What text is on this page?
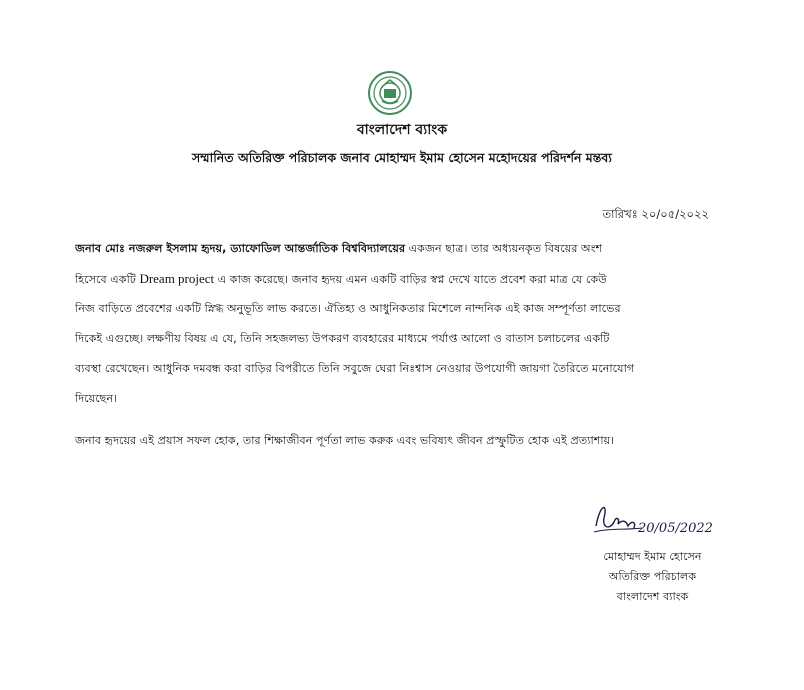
বাংলাদেশ ব্যাংক
সম্মানিত অতিরিক্ত পরিচালক জনাব মোহাম্মদ ইমাম হোসেন মহোদয়ের পরিদর্শন মন্তব্য
তারিখঃ ২০/০৫/২০২২
জনাব মোঃ নজরুল ইসলাম হৃদয়, ড্যাফোডিল আন্তর্জাতিক বিশ্ববিদ্যালয়ের একজন ছাত্র। তার অধ্যয়নকৃত বিষয়ের অংশ
হিসেবে একটি Dream project এ কাজ করেছে। জনাব হৃদয় এমন একটি বাড়ির স্বপ্ন দেখে যাতে প্রবেশ করা মাত্র যে কেউ
নিজ বাড়িতে প্রবেশের একটি স্নিগ্ধ অনুভূতি লাভ করতে। ঐতিহ্য ও আধুনিকতার মিশেলে নান্দনিক এই কাজ সম্পূর্ণতা লাভের
দিকেই এগুচ্ছে। লক্ষণীয় বিষয় এ যে, তিনি সহজলভ্য উপকরণ ব্যবহারের মাধ্যমে পর্যাপ্ত আলো ও বাতাস চলাচলের একটি
ব্যবস্থা রেখেছেন। আধুনিক দমবন্ধ করা বাড়ির বিপরীতে তিনি সবুজে ঘেরা নিঃশ্বাস নেওয়ার উপযোগী জায়গা তৈরিতে মনোযোগ
দিয়েছেন।
জনাব হৃদয়ের এই প্রয়াস সফল হোক, তার শিক্ষাজীবন পূর্ণতা লাভ করুক এবং ভবিষ্যৎ জীবন প্রস্ফুটিত হোক এই প্রত্যাশায়।
20/05/2022
মোহাম্মদ ইমাম হোসেন
অতিরিক্ত পরিচালক
বাংলাদেশ ব্যাংক
